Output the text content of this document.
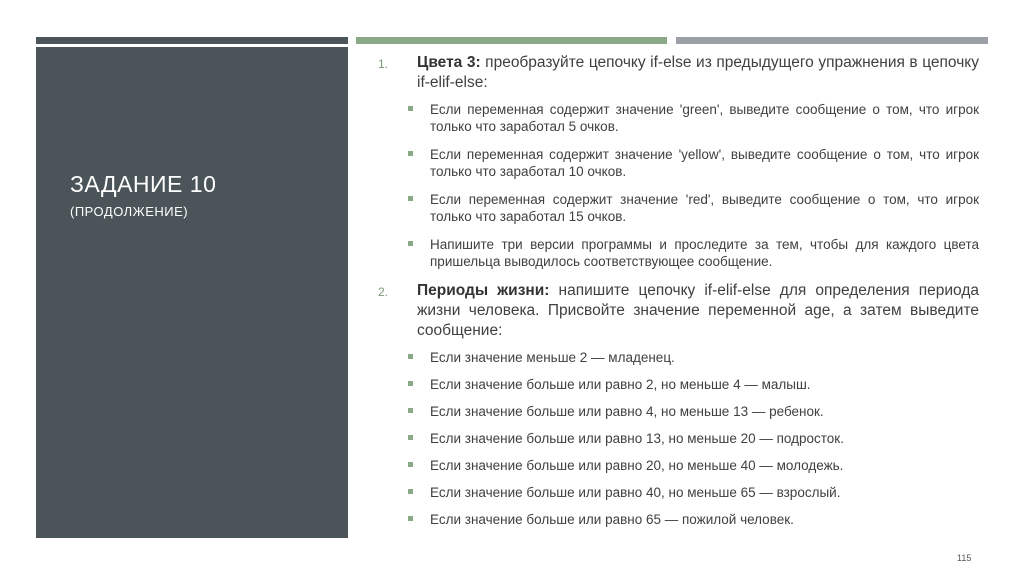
ЗАДАНИЕ 10
(ПРОДОЛЖЕНИЕ)
1. Цвета 3: преобразуйте цепочку if-else из предыдущего упражнения в цепочку if-elif-else:
Если переменная содержит значение 'green', выведите сообщение о том, что игрок только что заработал 5 очков.
Если переменная содержит значение 'yellow', выведите сообщение о том, что игрок только что заработал 10 очков.
Если переменная содержит значение 'red', выведите сообщение о том, что игрок только что заработал 15 очков.
Напишите три версии программы и проследите за тем, чтобы для каждого цвета пришельца выводилось соответствующее сообщение.
2. Периоды жизни: напишите цепочку if-elif-else для определения периода жизни человека. Присвойте значение переменной age, а затем выведите сообщение:
Если значение меньше 2 — младенец.
Если значение больше или равно 2, но меньше 4 — малыш.
Если значение больше или равно 4, но меньше 13 — ребенок.
Если значение больше или равно 13, но меньше 20 — подросток.
Если значение больше или равно 20, но меньше 40 — молодежь.
Если значение больше или равно 40, но меньше 65 — взрослый.
Если значение больше или равно 65 — пожилой человек.
115
